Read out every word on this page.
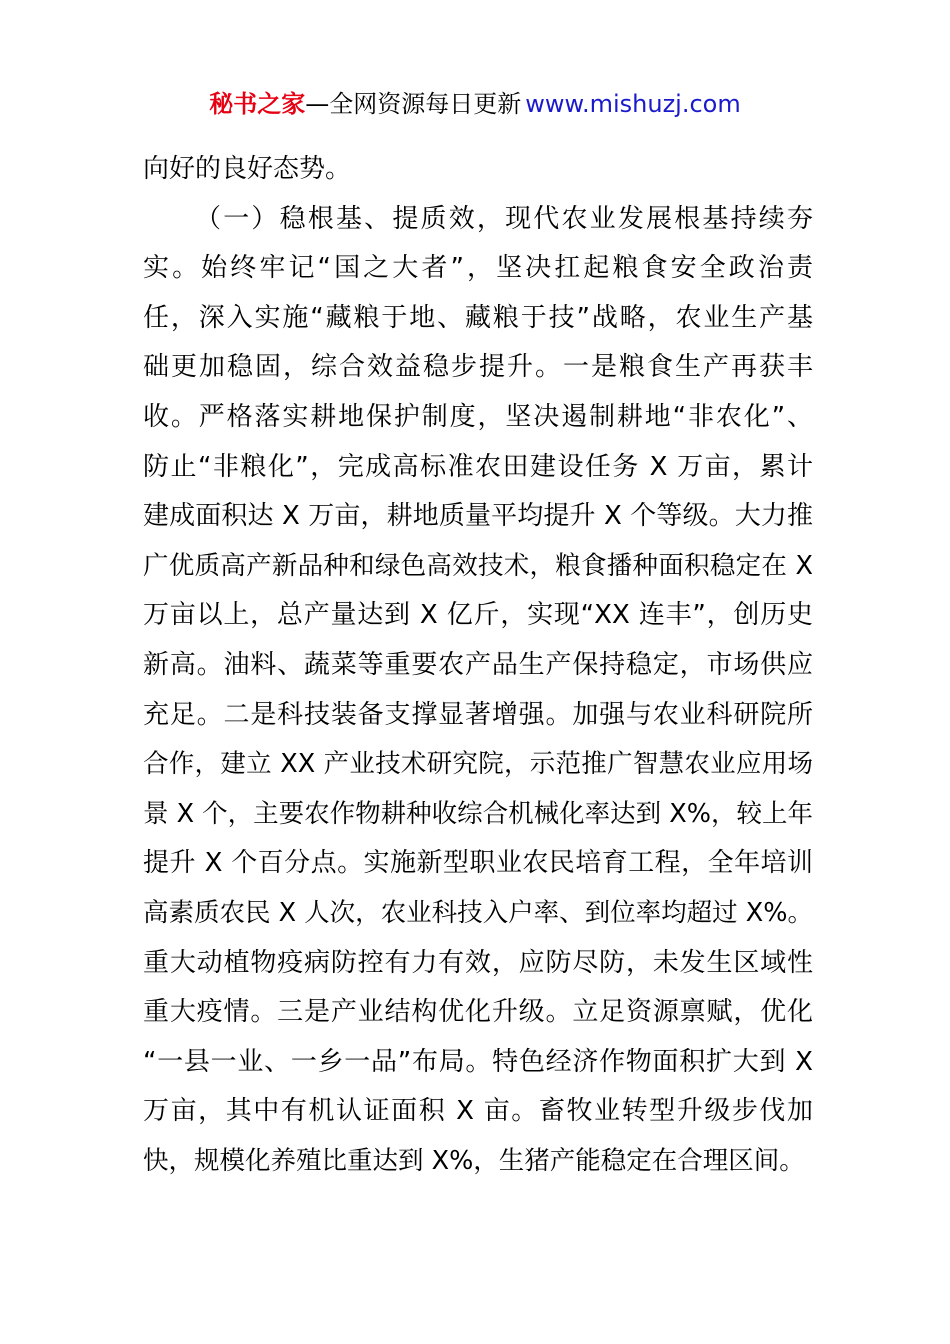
秘书之家—全网资源每日更新 www.mishuzj.com
向好的良好态势。
（一）稳根基、提质效，现代农业发展根基持续夯
实。始终牢记“国之大者”，坚决扛起粮食安全政治责
任，深入实施“藏粮于地、藏粮于技”战略，农业生产基
础更加稳固，综合效益稳步提升。一是粮食生产再获丰
收。严格落实耕地保护制度，坚决遏制耕地“非农化”、
防止“非粮化”，完成高标准农田建设任务 X 万亩，累计
建成面积达 X 万亩，耕地质量平均提升 X 个等级。大力推
广优质高产新品种和绿色高效技术，粮食播种面积稳定在 X
万亩以上，总产量达到 X 亿斤，实现“XX 连丰”，创历史
新高。油料、蔬菜等重要农产品生产保持稳定，市场供应
充足。二是科技装备支撑显著增强。加强与农业科研院所
合作，建立 XX 产业技术研究院，示范推广智慧农业应用场
景 X 个，主要农作物耕种收综合机械化率达到 X%，较上年
提升 X 个百分点。实施新型职业农民培育工程，全年培训
高素质农民 X 人次，农业科技入户率、到位率均超过 X%。
重大动植物疫病防控有力有效，应防尽防，未发生区域性
重大疫情。三是产业结构优化升级。立足资源禀赋，优化
“一县一业、一乡一品”布局。特色经济作物面积扩大到 X
万亩，其中有机认证面积 X 亩。畜牧业转型升级步伐加
快，规模化养殖比重达到 X%，生猪产能稳定在合理区间。
